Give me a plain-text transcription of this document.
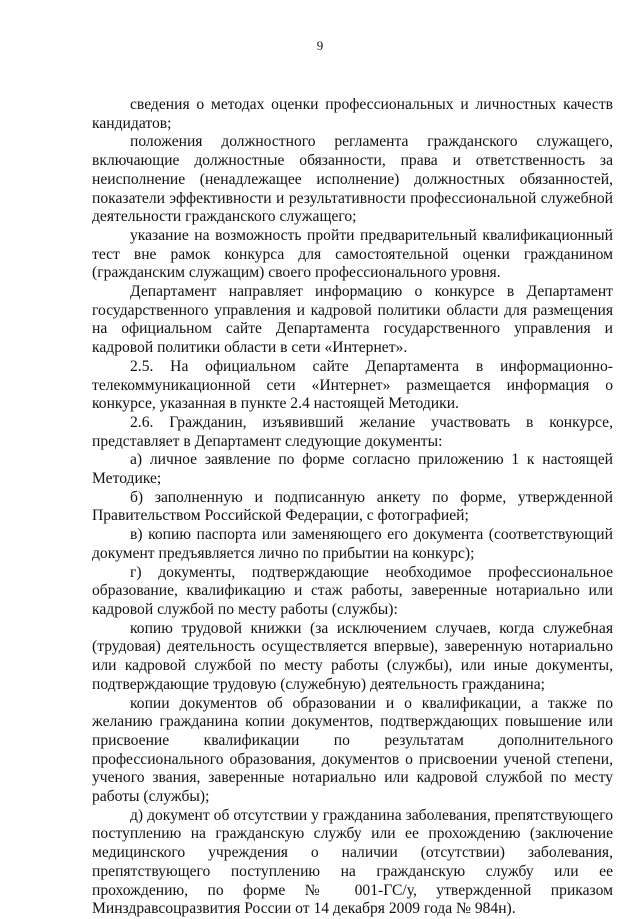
9

сведения о методах оценки профессиональных и личностных качеств кандидатов;

положения должностного регламента гражданского служащего, включающие должностные обязанности, права и ответственность за неисполнение (ненадлежащее исполнение) должностных обязанностей, показатели эффективности и результативности профессиональной служебной деятельности гражданского служащего;

указание на возможность пройти предварительный квалификационный тест вне рамок конкурса для самостоятельной оценки гражданином (гражданским служащим) своего профессионального уровня.

Департамент направляет информацию о конкурсе в Департамент государственного управления и кадровой политики области для размещения на официальном сайте Департамента государственного управления и кадровой политики области в сети «Интернет».

2.5. На официальном сайте Департамента в информационно-телекоммуникационной сети «Интернет» размещается информация о конкурсе, указанная в пункте 2.4 настоящей Методики.

2.6. Гражданин, изъявивший желание участвовать в конкурсе, представляет в Департамент следующие документы:

а) личное заявление по форме согласно приложению 1 к настоящей Методике;

б) заполненную и подписанную анкету по форме, утвержденной Правительством Российской Федерации, с фотографией;

в) копию паспорта или заменяющего его документа (соответствующий документ предъявляется лично по прибытии на конкурс);

г) документы, подтверждающие необходимое профессиональное образование, квалификацию и стаж работы, заверенные нотариально или кадровой службой по месту работы (службы):

копию трудовой книжки (за исключением случаев, когда служебная (трудовая) деятельность осуществляется впервые), заверенную нотариально или кадровой службой по месту работы (службы), или иные документы, подтверждающие трудовую (служебную) деятельность гражданина;

копии документов об образовании и о квалификации, а также по желанию гражданина копии документов, подтверждающих повышение или присвоение квалификации по результатам дополнительного профессионального образования, документов о присвоении ученой степени, ученого звания, заверенные нотариально или кадровой службой по месту работы (службы);

д) документ об отсутствии у гражданина заболевания, препятствующего поступлению на гражданскую службу или ее прохождению (заключение медицинского учреждения о наличии (отсутствии) заболевания, препятствующего поступлению на гражданскую службу или ее прохождению, по форме № 001-ГС/у, утвержденной приказом Минздравсоцразвития России от 14 декабря 2009 года № 984н).
